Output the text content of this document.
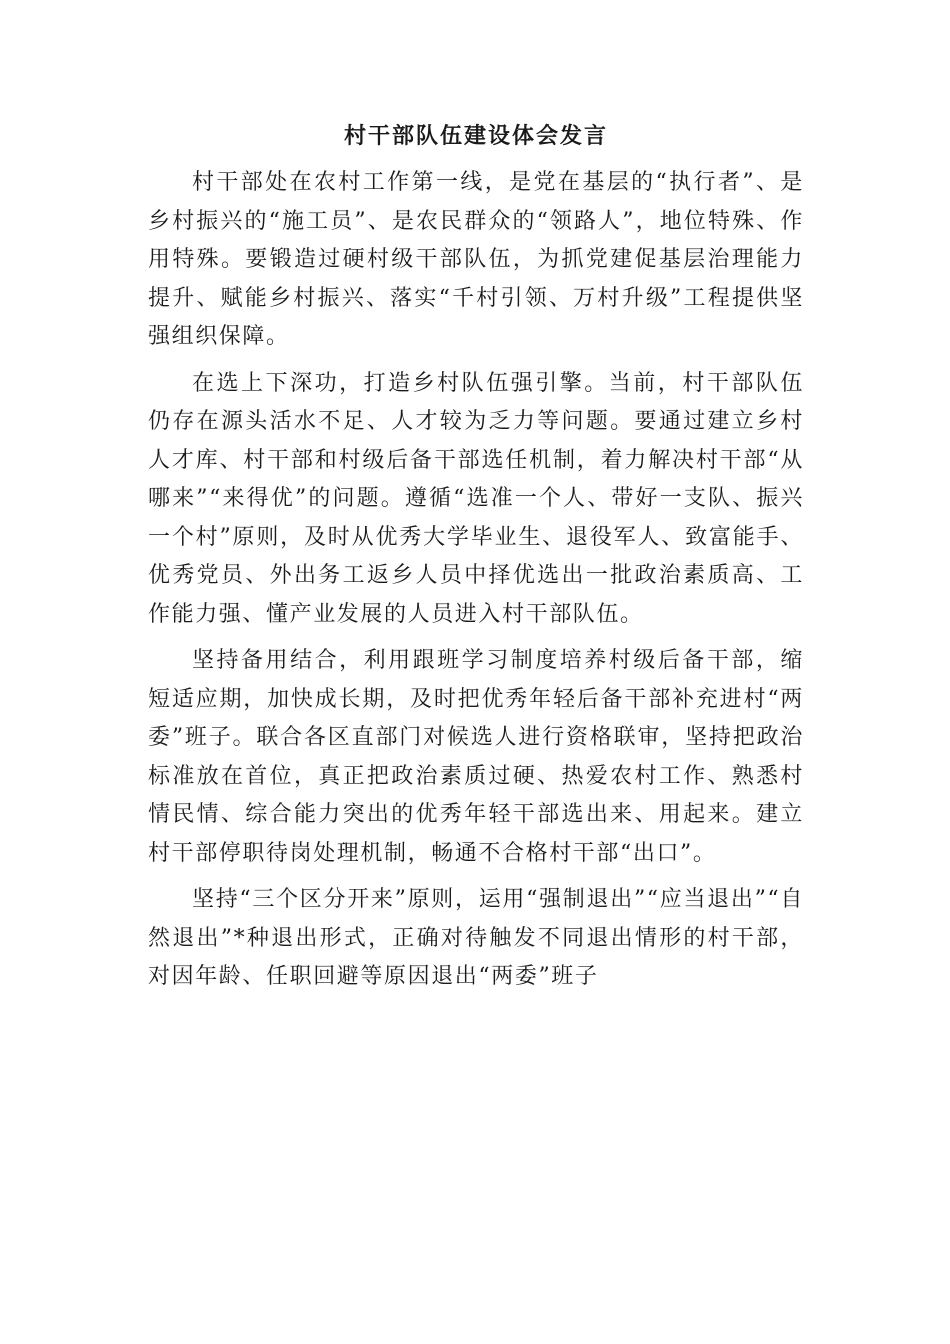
村干部队伍建设体会发言

村干部处在农村工作第一线，是党在基层的“执行者”、是乡村振兴的“施工员”、是农民群众的“领路人”，地位特殊、作用特殊。要锻造过硬村级干部队伍，为抓党建促基层治理能力提升、赋能乡村振兴、落实“千村引领、万村升级”工程提供坚强组织保障。

在选上下深功，打造乡村队伍强引擎。当前，村干部队伍仍存在源头活水不足、人才较为乏力等问题。要通过建立乡村人才库、村干部和村级后备干部选任机制，着力解决村干部“从哪来”“来得优”的问题。遵循“选准一个人、带好一支队、振兴一个村”原则，及时从优秀大学毕业生、退役军人、致富能手、优秀党员、外出务工返乡人员中择优选出一批政治素质高、工作能力强、懂产业发展的人员进入村干部队伍。

坚持备用结合，利用跟班学习制度培养村级后备干部，缩短适应期，加快成长期，及时把优秀年轻后备干部补充进村“两委”班子。联合各区直部门对候选人进行资格联审，坚持把政治标准放在首位，真正把政治素质过硬、热爱农村工作、熟悉村情民情、综合能力突出的优秀年轻干部选出来、用起来。建立村干部停职待岗处理机制，畅通不合格村干部“出口”。

坚持“三个区分开来”原则，运用“强制退出”“应当退出”“自然退出”*种退出形式，正确对待触发不同退出情形的村干部，对因年龄、任职回避等原因退出“两委”班子
